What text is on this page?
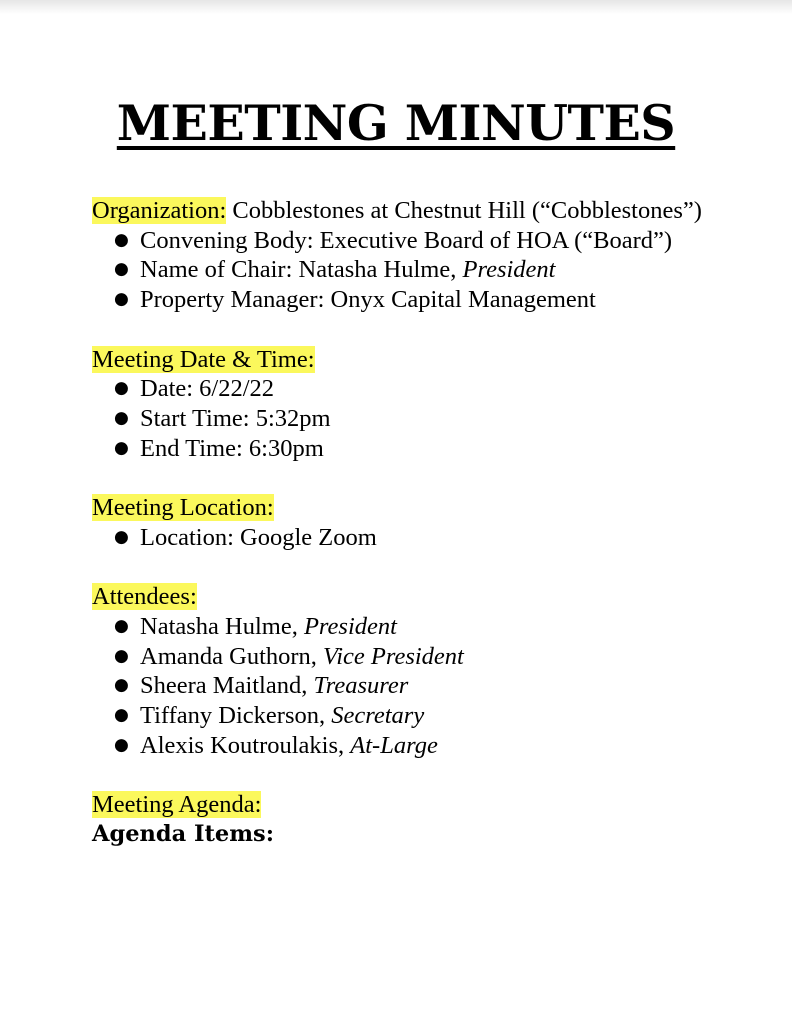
MEETING MINUTES
Organization: Cobblestones at Chestnut Hill (“Cobblestones”)
● Convening Body: Executive Board of HOA (“Board”)
● Name of Chair: Natasha Hulme, President
● Property Manager: Onyx Capital Management
Meeting Date & Time:
● Date: 6/22/22
● Start Time: 5:32pm
● End Time: 6:30pm
Meeting Location:
● Location: Google Zoom
Attendees:
● Natasha Hulme, President
● Amanda Guthorn, Vice President
● Sheera Maitland, Treasurer
● Tiffany Dickerson, Secretary
● Alexis Koutroulakis, At-Large
Meeting Agenda:
Agenda Items:
